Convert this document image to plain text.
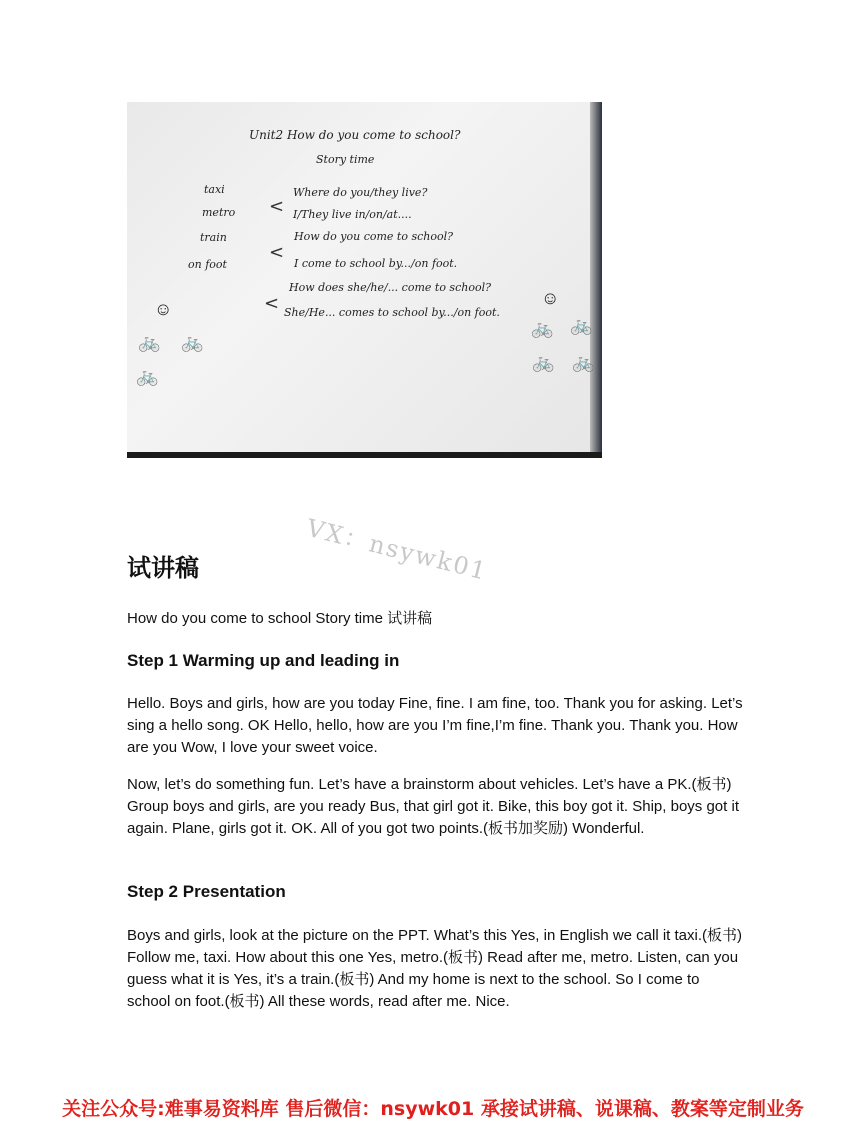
Unit2 How do you come to school?
Story time
taxi
metro
train
on foot
<
<
<
Where do you/they live?
I/They live in/on/at....
How do you come to school?
I come to school by.../on foot.
How does she/he/... come to school?
She/He... comes to school by.../on foot.
☺
☺
🚲 🚲
🚲
🚲 🚲
🚲 🚲
VX：nsywk01
试讲稿
How do you come to school Story time 试讲稿
Step 1 Warming up and leading in
Hello. Boys and girls, how are you today Fine, fine. I am fine, too. Thank you for asking. Let’s sing a hello song. OK Hello, hello, how are you I’m fine,I’m fine. Thank you. Thank you. How are you Wow, I love your sweet voice.
Now, let’s do something fun. Let’s have a brainstorm about vehicles. Let’s have a PK.(板书) Group boys and girls, are you ready Bus, that girl got it. Bike, this boy got it. Ship, boys got it again. Plane, girls got it. OK. All of you got two points.(板书加奖励) Wonderful.
Step 2 Presentation
Boys and girls, look at the picture on the PPT. What’s this Yes, in English we call it taxi.(板书) Follow me, taxi. How about this one Yes, metro.(板书) Read after me, metro. Listen, can you guess what it is Yes, it’s a train.(板书) And my home is next to the school. So I come to school on foot.(板书) All these words, read after me. Nice.
关注公众号:难事易资料库 售后微信：nsywk01 承接试讲稿、说课稿、教案等定制业务
